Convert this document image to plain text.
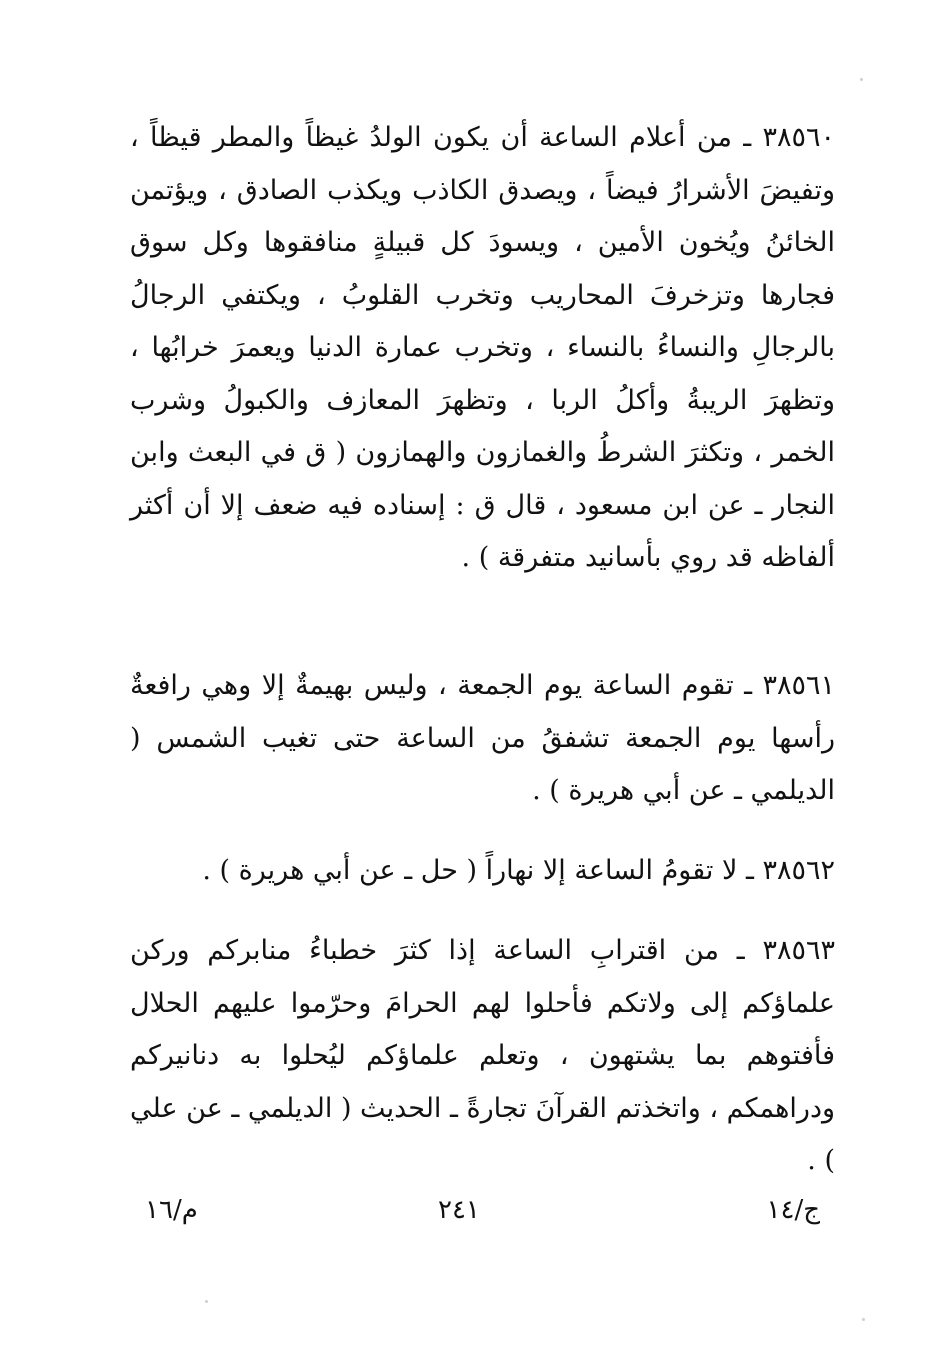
٣٨٥٦٠ ـ من أعلام الساعة أن يكون الولدُ غيظاً والمطر قيظاً ، وتفيضَ الأشرارُ فيضاً ، ويصدق الكاذب ويكذب الصادق ، ويؤتمن الخائنُ ويُخون الأمين ، ويسودَ كل قبيلةٍ منافقوها وكل سوق فجارها وتزخرفَ المحاريب وتخرب القلوبُ ، ويكتفي الرجالُ بالرجالِ والنساءُ بالنساء ، وتخرب عمارة الدنيا ويعمرَ خرابُها ، وتظهرَ الريبةُ وأكلُ الربا ، وتظهرَ المعازف والكبولُ وشرب الخمر ، وتكثرَ الشرطُ والغمازون والهمازون ( ق في البعث وابن النجار ـ عن ابن مسعود ، قال ق : إسناده فيه ضعف إلا أن أكثر ألفاظه قد روي بأسانيد متفرقة ) .

٣٨٥٦١ ـ تقوم الساعة يوم الجمعة ، وليس بهيمةٌ إلا وهي رافعةٌ رأسها يوم الجمعة تشفقُ من الساعة حتى تغيب الشمس ( الديلمي ـ عن أبي هريرة ) .

٣٨٥٦٢ ـ لا تقومُ الساعة إلا نهاراً ( حل ـ عن أبي هريرة ) .

٣٨٥٦٣ ـ من اقترابِ الساعة إذا كثرَ خطباءُ منابركم وركن علماؤكم إلى ولاتكم فأحلوا لهم الحرامَ وحرّموا عليهم الحلال فأفتوهم بما يشتهون ، وتعلم علماؤكم ليُحلوا به دنانيركم ودراهمكم ، واتخذتم القرآنَ تجارةً ـ الحديث ( الديلمي ـ عن علي ) .

م/١٦	٢٤١	ج/١٤
